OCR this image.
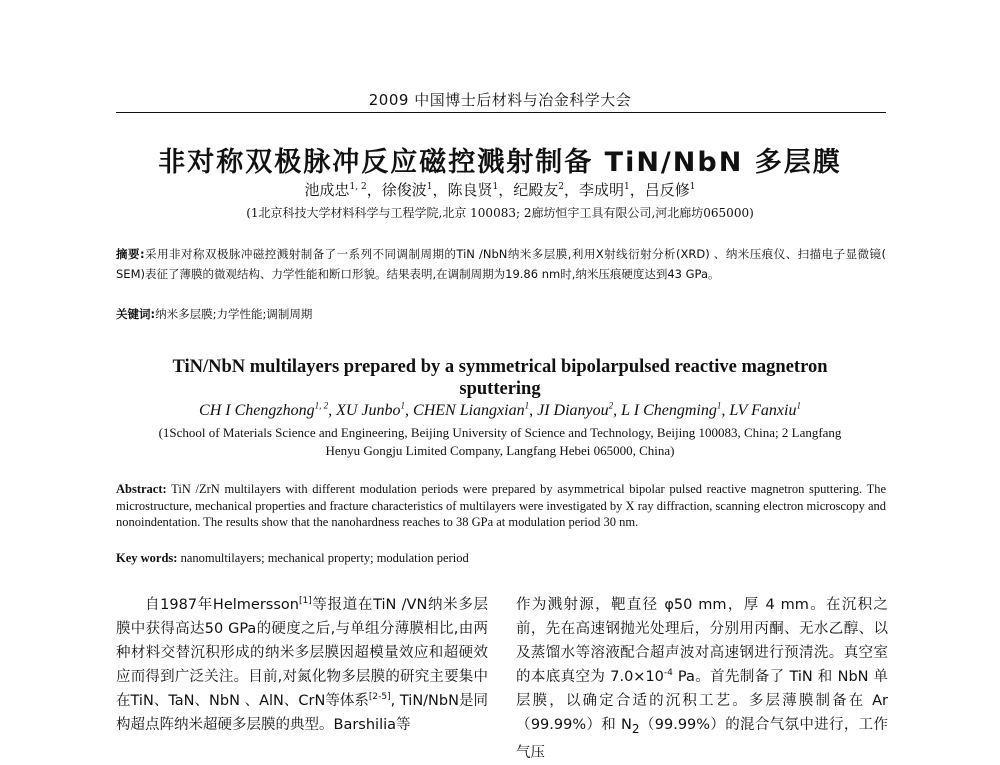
2009 中国博士后材料与冶金科学大会
非对称双极脉冲反应磁控溅射制备 TiN/NbN 多层膜
池成忠$^{1, 2}$，徐俊波$^1$，陈良贤$^1$，纪殿友$^2$，李成明$^1$，吕反修$^1$
(1北京科技大学材料科学与工程学院,北京 100083; 2廊坊恒宇工具有限公司,河北廊坊065000)
摘要:采用非对称双极脉冲磁控溅射制备了一系列不同调制周期的TiN /NbN纳米多层膜,利用X射线衍射分析(XRD) 、纳米压痕仪、扫描电子显微镜( SEM)表征了薄膜的微观结构、力学性能和断口形貌。结果表明,在调制周期为19.86 nm时,纳米压痕硬度达到43 GPa。
关键词:纳米多层膜;力学性能;调制周期
TiN/NbN multilayers prepared by a symmetrical bipolarpulsed reactive magnetron sputtering
CH I Chengzhong$^{1, 2}$, XU Junbo$^1$, CHEN Liangxian$^1$, JI Dianyou$^2$, L I Chengming$^1$, LV Fanxiu$^1$
(1School of Materials Science and Engineering, Beijing University of Science and Technology, Beijing 100083, China; 2 Langfang Henyu Gongju Limited Company, Langfang Hebei 065000, China)
Abstract: TiN /ZrN multilayers with different modulation periods were prepared by asymmetrical bipolar pulsed reactive magnetron sputtering. The microstructure, mechanical properties and fracture characteristics of multilayers were investigated by X ray diffraction, scanning electron microscopy and nonoindentation. The results show that the nanohardness reaches to 38 GPa at modulation period 30 nm.
Key words: nanomultilayers; mechanical property; modulation period

自1987年Helmersson[1]等报道在TiN /VN纳米多层膜中获得高达50 GPa的硬度之后,与单组分薄膜相比,由两种材料交替沉积形成的纳米多层膜因超模量效应和超硬效应而得到广泛关注。目前,对氮化物多层膜的研究主要集中在TiN、TaN、NbN 、AlN、CrN等体系[2-5], TiN/NbN是同构超点阵纳米超硬多层膜的典型。Barshilia等

作为溅射源，靶直径 φ50 mm，厚 4 mm。在沉积之前，先在高速钢抛光处理后，分别用丙酮、无水乙醇、以及蒸馏水等溶液配合超声波对高速钢进行预清洗。真空室的本底真空为 $7.0\times 10^{-4}$ Pa。首先制备了 TiN 和 NbN 单层膜，以确定合适的沉积工艺。多层薄膜制备在 Ar（99.99%）和 $N_2(99.99\%)$的混合气氛中进行，工作气压
